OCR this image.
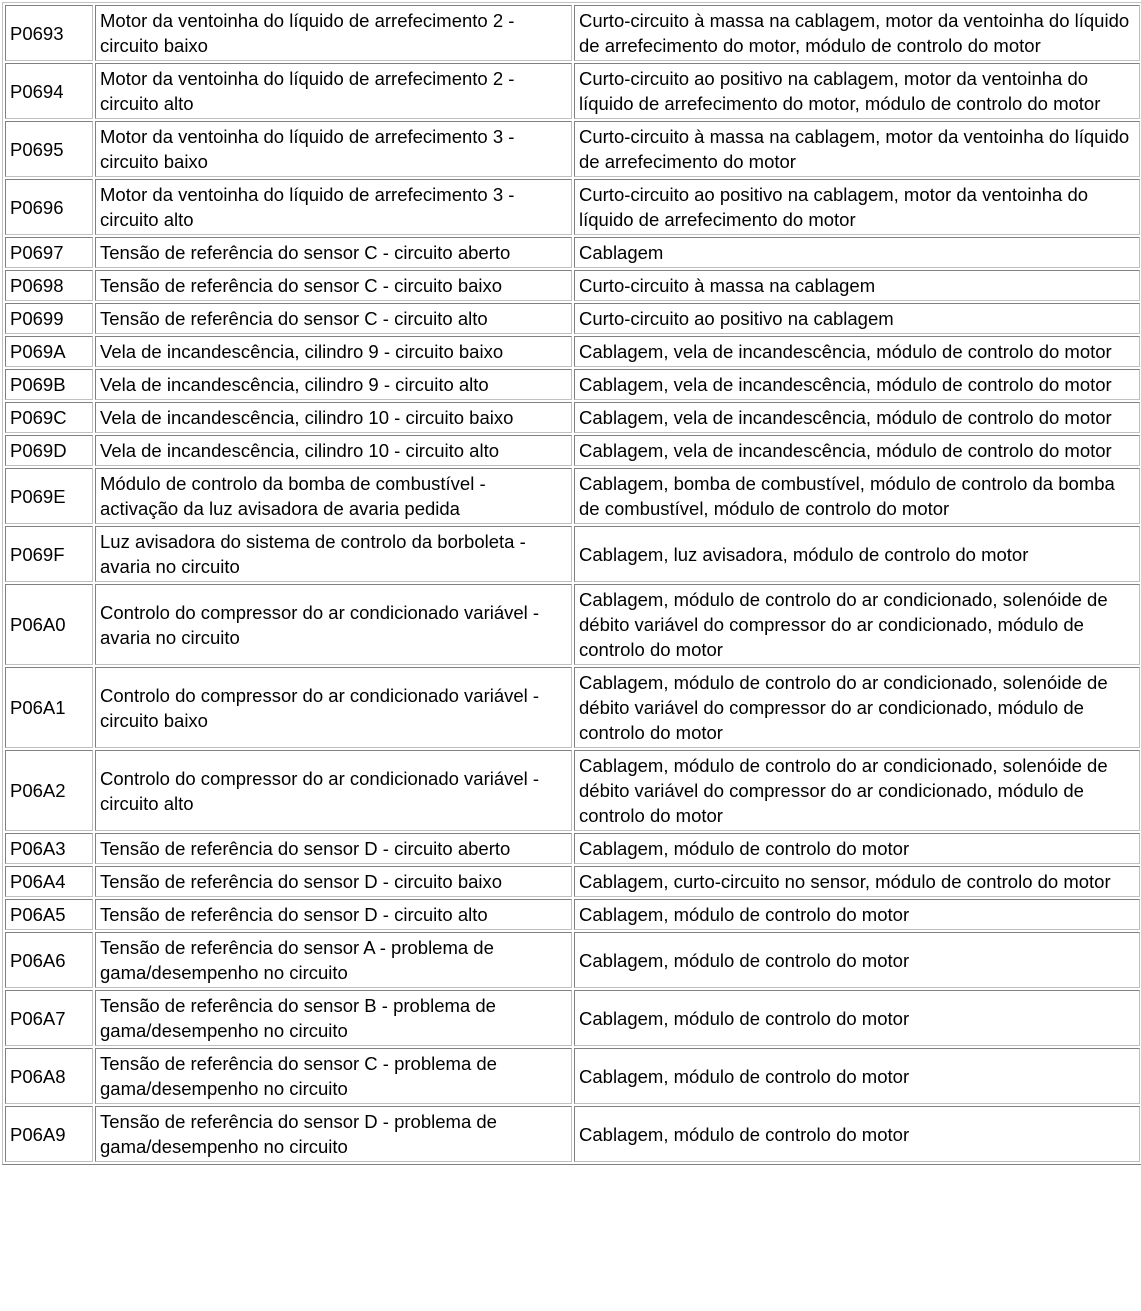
P0693	Motor da ventoinha do líquido de arrefecimento 2 - circuito baixo	Curto-circuito à massa na cablagem, motor da ventoinha do líquido de arrefecimento do motor, módulo de controlo do motor
P0694	Motor da ventoinha do líquido de arrefecimento 2 - circuito alto	Curto-circuito ao positivo na cablagem, motor da ventoinha do líquido de arrefecimento do motor, módulo de controlo do motor
P0695	Motor da ventoinha do líquido de arrefecimento 3 - circuito baixo	Curto-circuito à massa na cablagem, motor da ventoinha do líquido de arrefecimento do motor
P0696	Motor da ventoinha do líquido de arrefecimento 3 - circuito alto	Curto-circuito ao positivo na cablagem, motor da ventoinha do líquido de arrefecimento do motor
P0697	Tensão de referência do sensor C - circuito aberto	Cablagem
P0698	Tensão de referência do sensor C - circuito baixo	Curto-circuito à massa na cablagem
P0699	Tensão de referência do sensor C - circuito alto	Curto-circuito ao positivo na cablagem
P069A	Vela de incandescência, cilindro 9 - circuito baixo	Cablagem, vela de incandescência, módulo de controlo do motor
P069B	Vela de incandescência, cilindro 9 - circuito alto	Cablagem, vela de incandescência, módulo de controlo do motor
P069C	Vela de incandescência, cilindro 10 - circuito baixo	Cablagem, vela de incandescência, módulo de controlo do motor
P069D	Vela de incandescência, cilindro 10 - circuito alto	Cablagem, vela de incandescência, módulo de controlo do motor
P069E	Módulo de controlo da bomba de combustível - activação da luz avisadora de avaria pedida	Cablagem, bomba de combustível, módulo de controlo da bomba de combustível, módulo de controlo do motor
P069F	Luz avisadora do sistema de controlo da borboleta - avaria no circuito	Cablagem, luz avisadora, módulo de controlo do motor
P06A0	Controlo do compressor do ar condicionado variável - avaria no circuito	Cablagem, módulo de controlo do ar condicionado, solenóide de débito variável do compressor do ar condicionado, módulo de controlo do motor
P06A1	Controlo do compressor do ar condicionado variável - circuito baixo	Cablagem, módulo de controlo do ar condicionado, solenóide de débito variável do compressor do ar condicionado, módulo de controlo do motor
P06A2	Controlo do compressor do ar condicionado variável - circuito alto	Cablagem, módulo de controlo do ar condicionado, solenóide de débito variável do compressor do ar condicionado, módulo de controlo do motor
P06A3	Tensão de referência do sensor D - circuito aberto	Cablagem, módulo de controlo do motor
P06A4	Tensão de referência do sensor D - circuito baixo	Cablagem, curto-circuito no sensor, módulo de controlo do motor
P06A5	Tensão de referência do sensor D - circuito alto	Cablagem, módulo de controlo do motor
P06A6	Tensão de referência do sensor A - problema de gama/desempenho no circuito	Cablagem, módulo de controlo do motor
P06A7	Tensão de referência do sensor B - problema de gama/desempenho no circuito	Cablagem, módulo de controlo do motor
P06A8	Tensão de referência do sensor C - problema de gama/desempenho no circuito	Cablagem, módulo de controlo do motor
P06A9	Tensão de referência do sensor D - problema de gama/desempenho no circuito	Cablagem, módulo de controlo do motor
